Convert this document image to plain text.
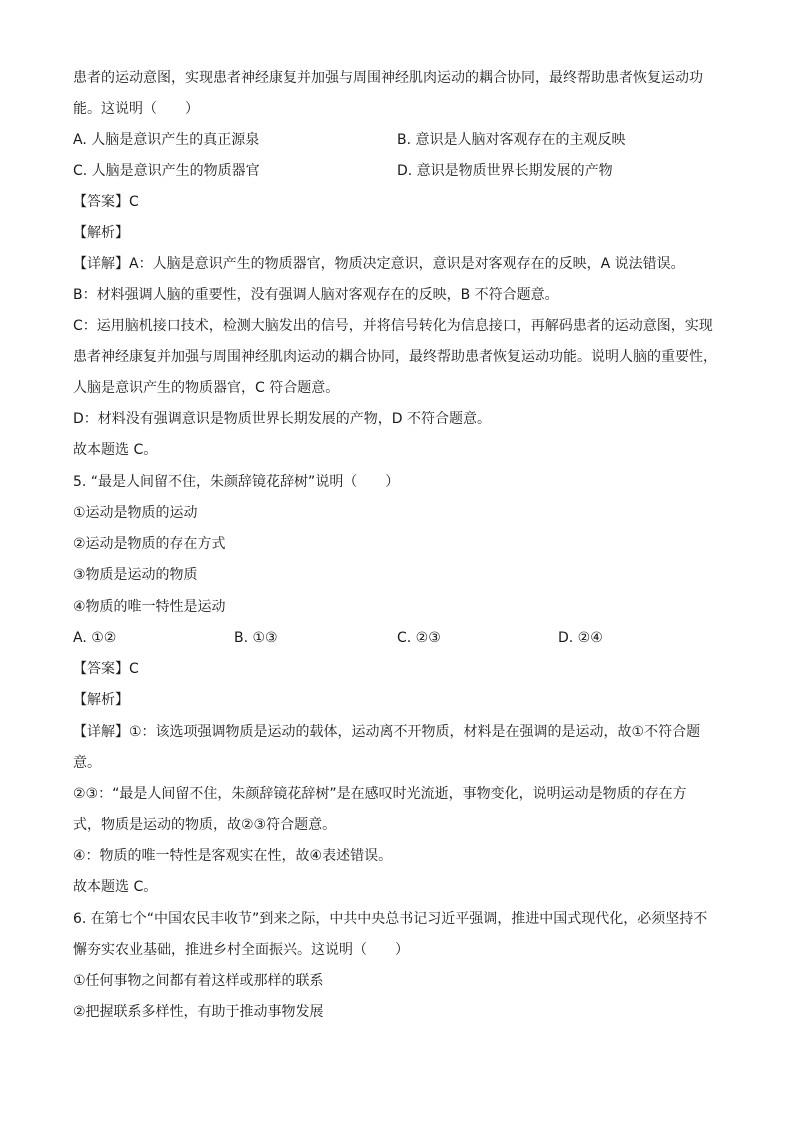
患者的运动意图，实现患者神经康复并加强与周围神经肌肉运动的耦合协同，最终帮助患者恢复运动功
能。这说明（　　）
A. 人脑是意识产生的真正源泉	B. 意识是人脑对客观存在的主观反映
C. 人脑是意识产生的物质器官	D. 意识是物质世界长期发展的产物
【答案】C
【解析】
【详解】A：人脑是意识产生的物质器官，物质决定意识，意识是对客观存在的反映，A 说法错误。
B：材料强调人脑的重要性，没有强调人脑对客观存在的反映，B 不符合题意。
C：运用脑机接口技术，检测大脑发出的信号，并将信号转化为信息接口，再解码患者的运动意图，实现
患者神经康复并加强与周围神经肌肉运动的耦合协同，最终帮助患者恢复运动功能。说明人脑的重要性，
人脑是意识产生的物质器官，C 符合题意。
D：材料没有强调意识是物质世界长期发展的产物，D 不符合题意。
故本题选 C。
5. “最是人间留不住，朱颜辞镜花辞树”说明（　　）
①运动是物质的运动
②运动是物质的存在方式
③物质是运动的物质
④物质的唯一特性是运动
A. ①②	B. ①③	C. ②③	D. ②④
【答案】C
【解析】
【详解】①：该选项强调物质是运动的载体，运动离不开物质，材料是在强调的是运动，故①不符合题
意。
②③：“最是人间留不住，朱颜辞镜花辞树”是在感叹时光流逝，事物变化，说明运动是物质的存在方
式，物质是运动的物质，故②③符合题意。
④：物质的唯一特性是客观实在性，故④表述错误。
故本题选 C。
6. 在第七个“中国农民丰收节”到来之际，中共中央总书记习近平强调，推进中国式现代化，必须坚持不
懈夯实农业基础，推进乡村全面振兴。这说明（　　）
①任何事物之间都有着这样或那样的联系
②把握联系多样性，有助于推动事物发展
